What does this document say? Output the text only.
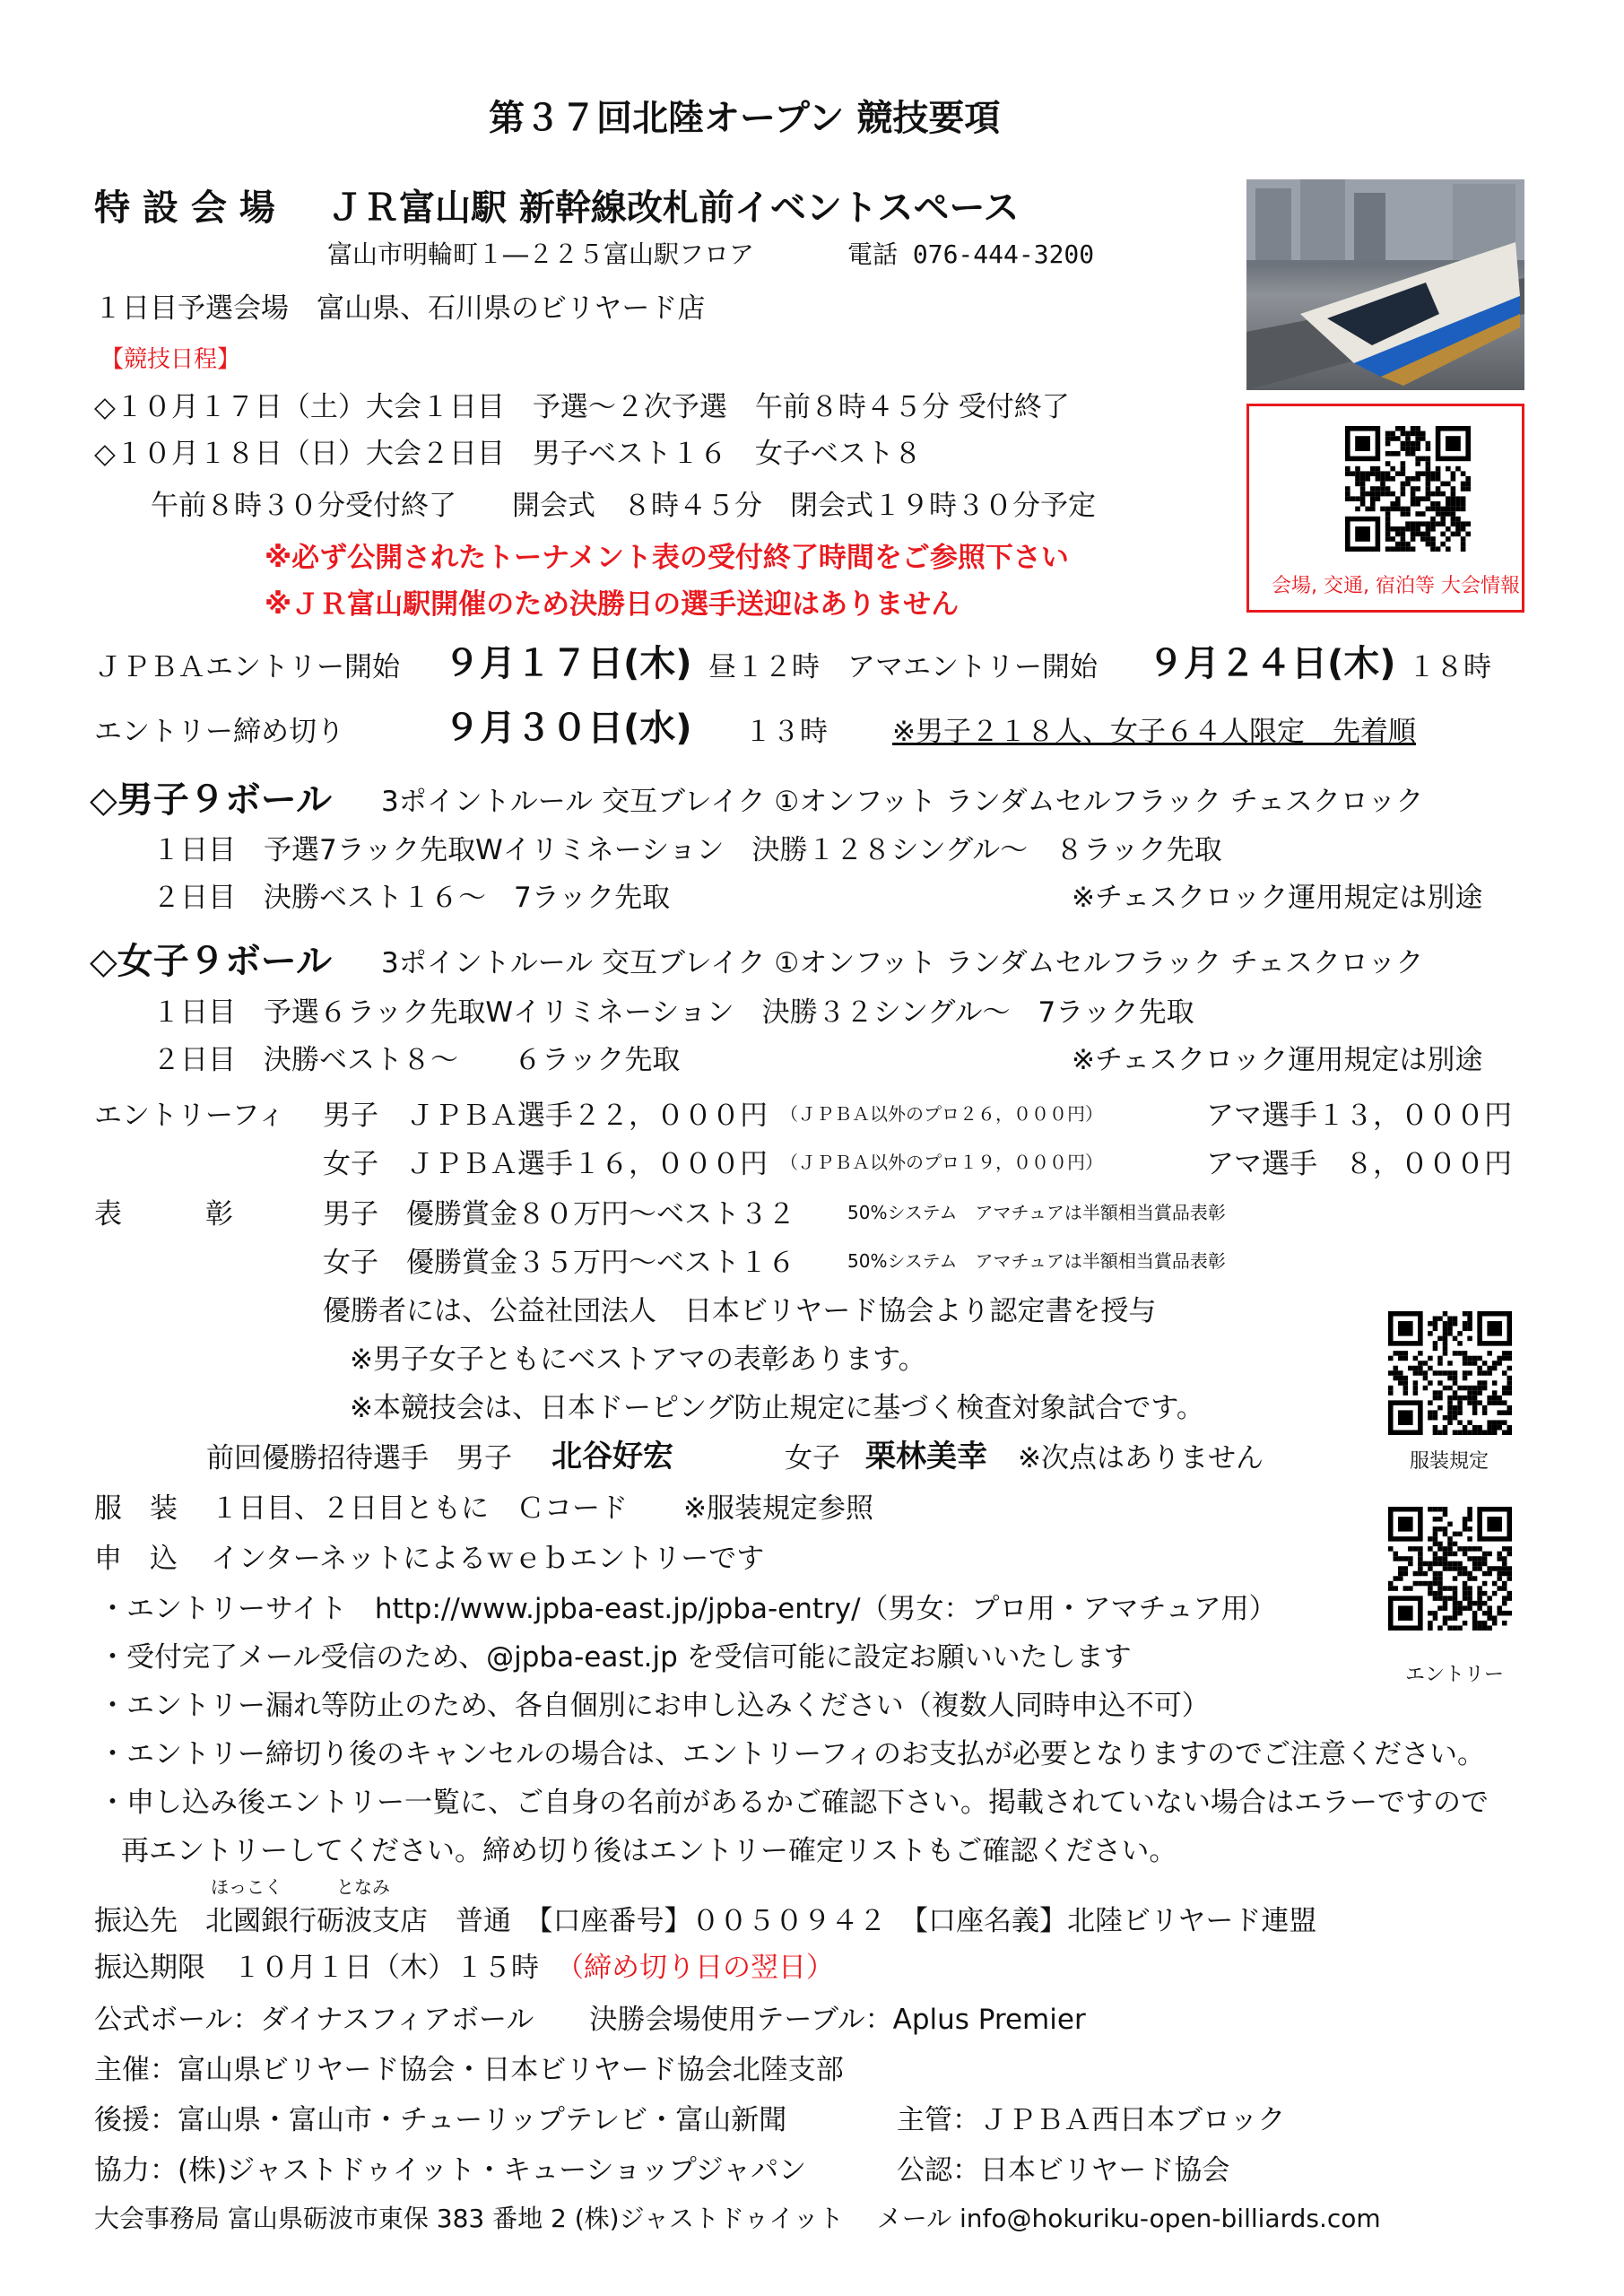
第３７回北陸オープン 競技要項
特 設 会 場 ＪＲ富山駅 新幹線改札前イベントスペース
富山市明輪町１―２２５富山駅フロア	電話 076-444-3200
１日目予選会場　富山県、石川県のビリヤード店
会場, 交通, 宿泊等 大会情報
【競技日程】
◇１０月１７日（土）大会１日目　予選～２次予選　午前８時４５分 受付終了
◇１０月１８日（日）大会２日目　男子ベスト１６　女子ベスト８
午前８時３０分受付終了　　開会式　８時４５分　閉会式１９時３０分予定
※必ず公開されたトーナメント表の受付終了時間をご参照下さい
※ＪＲ富山駅開催のため決勝日の選手送迎はありません
ＪＰＢＡエントリー開始 ９月１７日(木) 昼１２時 アマエントリー開始 ９月２４日(木) １８時
エントリー締め切り	９月３０日(水) １３時 ※男子２１８人、女子６４人限定　先着順
◇男子９ボール 3ポイントルール 交互ブレイク ①オンフット ランダムセルフラック チェスクロック
１日目　予選7ラック先取Wイリミネーション　決勝１２８シングル～　８ラック先取
２日目　決勝ベスト１６～　7ラック先取	※チェスクロック運用規定は別途
◇女子９ボール 3ポイントルール 交互ブレイク ①オンフット ランダムセルフラック チェスクロック
１日目　予選６ラック先取Wイリミネーション　決勝３２シングル～　7ラック先取
２日目　決勝ベスト８～　　６ラック先取	※チェスクロック運用規定は別途
エントリーフィ 男子　ＪＰＢＡ選手２２，０００円 （ＪＰＢＡ以外のプロ２６，０００円）	アマ選手１３，０００円
女子　ＪＰＢＡ選手１６，０００円 （ＪＰＢＡ以外のプロ１９，０００円）	アマ選手　８，０００円
表　　　彰	男子　優勝賞金８０万円～ベスト３２	50%システム　アマチュアは半額相当賞品表彰
女子　優勝賞金３５万円～ベスト１６	50%システム　アマチュアは半額相当賞品表彰
優勝者には、公益社団法人　日本ビリヤード協会より認定書を授与
※男子女子ともにベストアマの表彰あります。
※本競技会は、日本ドーピング防止規定に基づく検査対象試合です。
前回優勝招待選手　男子　 北谷好宏	女子　
栗林美幸 ※次点はありません	服装規定
エントリー
服　装 １日目、２日目ともに　Ｃコード　　※服装規定参照
申　込 インターネットによるｗｅｂエントリーです
・エントリーサイト　http://www.jpba-east.jp/jpba-entry/（男女：プロ用・アマチュア用）
・受付完了メール受信のため、@jpba-east.jp を受信可能に設定お願いいたします
・エントリー漏れ等防止のため、各自個別にお申し込みください（複数人同時申込不可）
・エントリー締切り後のキャンセルの場合は、エントリーフィのお支払が必要となりますのでご注意ください。
・申し込み後エントリー一覧に、ご自身の名前があるかご確認下さい。掲載されていない場合はエラーですので
再エントリーしてください。締め切り後はエントリー確定リストもご確認ください。
ほっこく	となみ
振込先　北國銀行砺波支店　普通　【口座番号】００５０９４２　【口座名義】北陸ビリヤード連盟
振込期限　１０月１日（木）１５時 （締め切り日の翌日）
公式ボール：ダイナスフィアボール　　決勝会場使用テーブル：Aplus Premier
主催：富山県ビリヤード協会・日本ビリヤード協会北陸支部
後援：富山県・富山市・チューリップテレビ・富山新聞	主管：ＪＰＢＡ西日本ブロック
協力：(株)ジャストドゥイット・キューショップジャパン	公認：日本ビリヤード協会
大会事務局 富山県砺波市東保 383 番地 2 (株)ジャストドゥイット　 メール info@hokuriku-open-billiards.com
